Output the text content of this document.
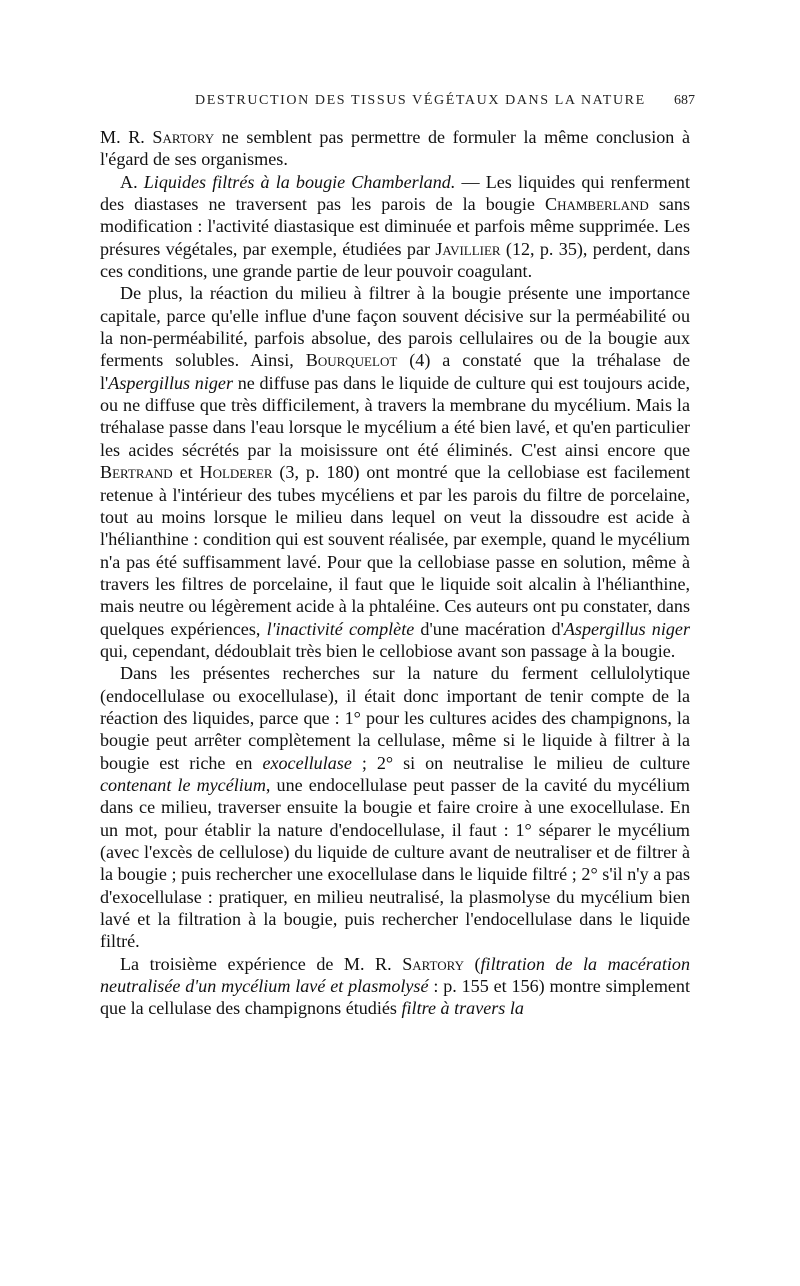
DESTRUCTION DES TISSUS VÉGÉTAUX DANS LA NATURE 687

M. R. Sartory ne semblent pas permettre de formuler la même conclusion à l'égard de ses organismes.

A. Liquides filtrés à la bougie Chamberland. — Les liquides qui renferment des diastases ne traversent pas les parois de la bougie Chamberland sans modification : l'activité diastasique est diminuée et parfois même supprimée. Les présures végétales, par exemple, étudiées par Javillier (12, p. 35), perdent, dans ces conditions, une grande partie de leur pouvoir coagulant.

De plus, la réaction du milieu à filtrer à la bougie présente une importance capitale, parce qu'elle influe d'une façon souvent décisive sur la perméabilité ou la non-perméabilité, parfois absolue, des parois cellulaires ou de la bougie aux ferments solubles. Ainsi, Bourquelot (4) a constaté que la tréhalase de l'Aspergillus niger ne diffuse pas dans le liquide de culture qui est toujours acide, ou ne diffuse que très difficilement, à travers la membrane du mycélium. Mais la tréhalase passe dans l'eau lorsque le mycélium a été bien lavé, et qu'en particulier les acides sécrétés par la moisissure ont été éliminés. C'est ainsi encore que Bertrand et Holderer (3, p. 180) ont montré que la cellobiase est facilement retenue à l'intérieur des tubes mycéliens et par les parois du filtre de porcelaine, tout au moins lorsque le milieu dans lequel on veut la dissoudre est acide à l'hélianthine : condition qui est souvent réalisée, par exemple, quand le mycélium n'a pas été suffisamment lavé. Pour que la cellobiase passe en solution, même à travers les filtres de porcelaine, il faut que le liquide soit alcalin à l'hélianthine, mais neutre ou légèrement acide à la phtaléine. Ces auteurs ont pu constater, dans quelques expériences, l'inactivité complète d'une macération d'Aspergillus niger qui, cependant, dédoublait très bien le cellobiose avant son passage à la bougie.

Dans les présentes recherches sur la nature du ferment cellulolytique (endocellulase ou exocellulase), il était donc important de tenir compte de la réaction des liquides, parce que : 1° pour les cultures acides des champignons, la bougie peut arrêter complètement la cellulase, même si le liquide à filtrer à la bougie est riche en exocellulase ; 2° si on neutralise le milieu de culture contenant le mycélium, une endocellulase peut passer de la cavité du mycélium dans ce milieu, traverser ensuite la bougie et faire croire à une exocellulase. En un mot, pour établir la nature d'endocellulase, il faut : 1° séparer le mycélium (avec l'excès de cellulose) du liquide de culture avant de neutraliser et de filtrer à la bougie ; puis rechercher une exocellulase dans le liquide filtré ; 2° s'il n'y a pas d'exocellulase : pratiquer, en milieu neutralisé, la plasmolyse du mycélium bien lavé et la filtration à la bougie, puis rechercher l'endocellulase dans le liquide filtré.

La troisième expérience de M. R. Sartory (filtration de la macération neutralisée d'un mycélium lavé et plasmolysé : p. 155 et 156) montre simplement que la cellulase des champignons étudiés filtre à travers la
